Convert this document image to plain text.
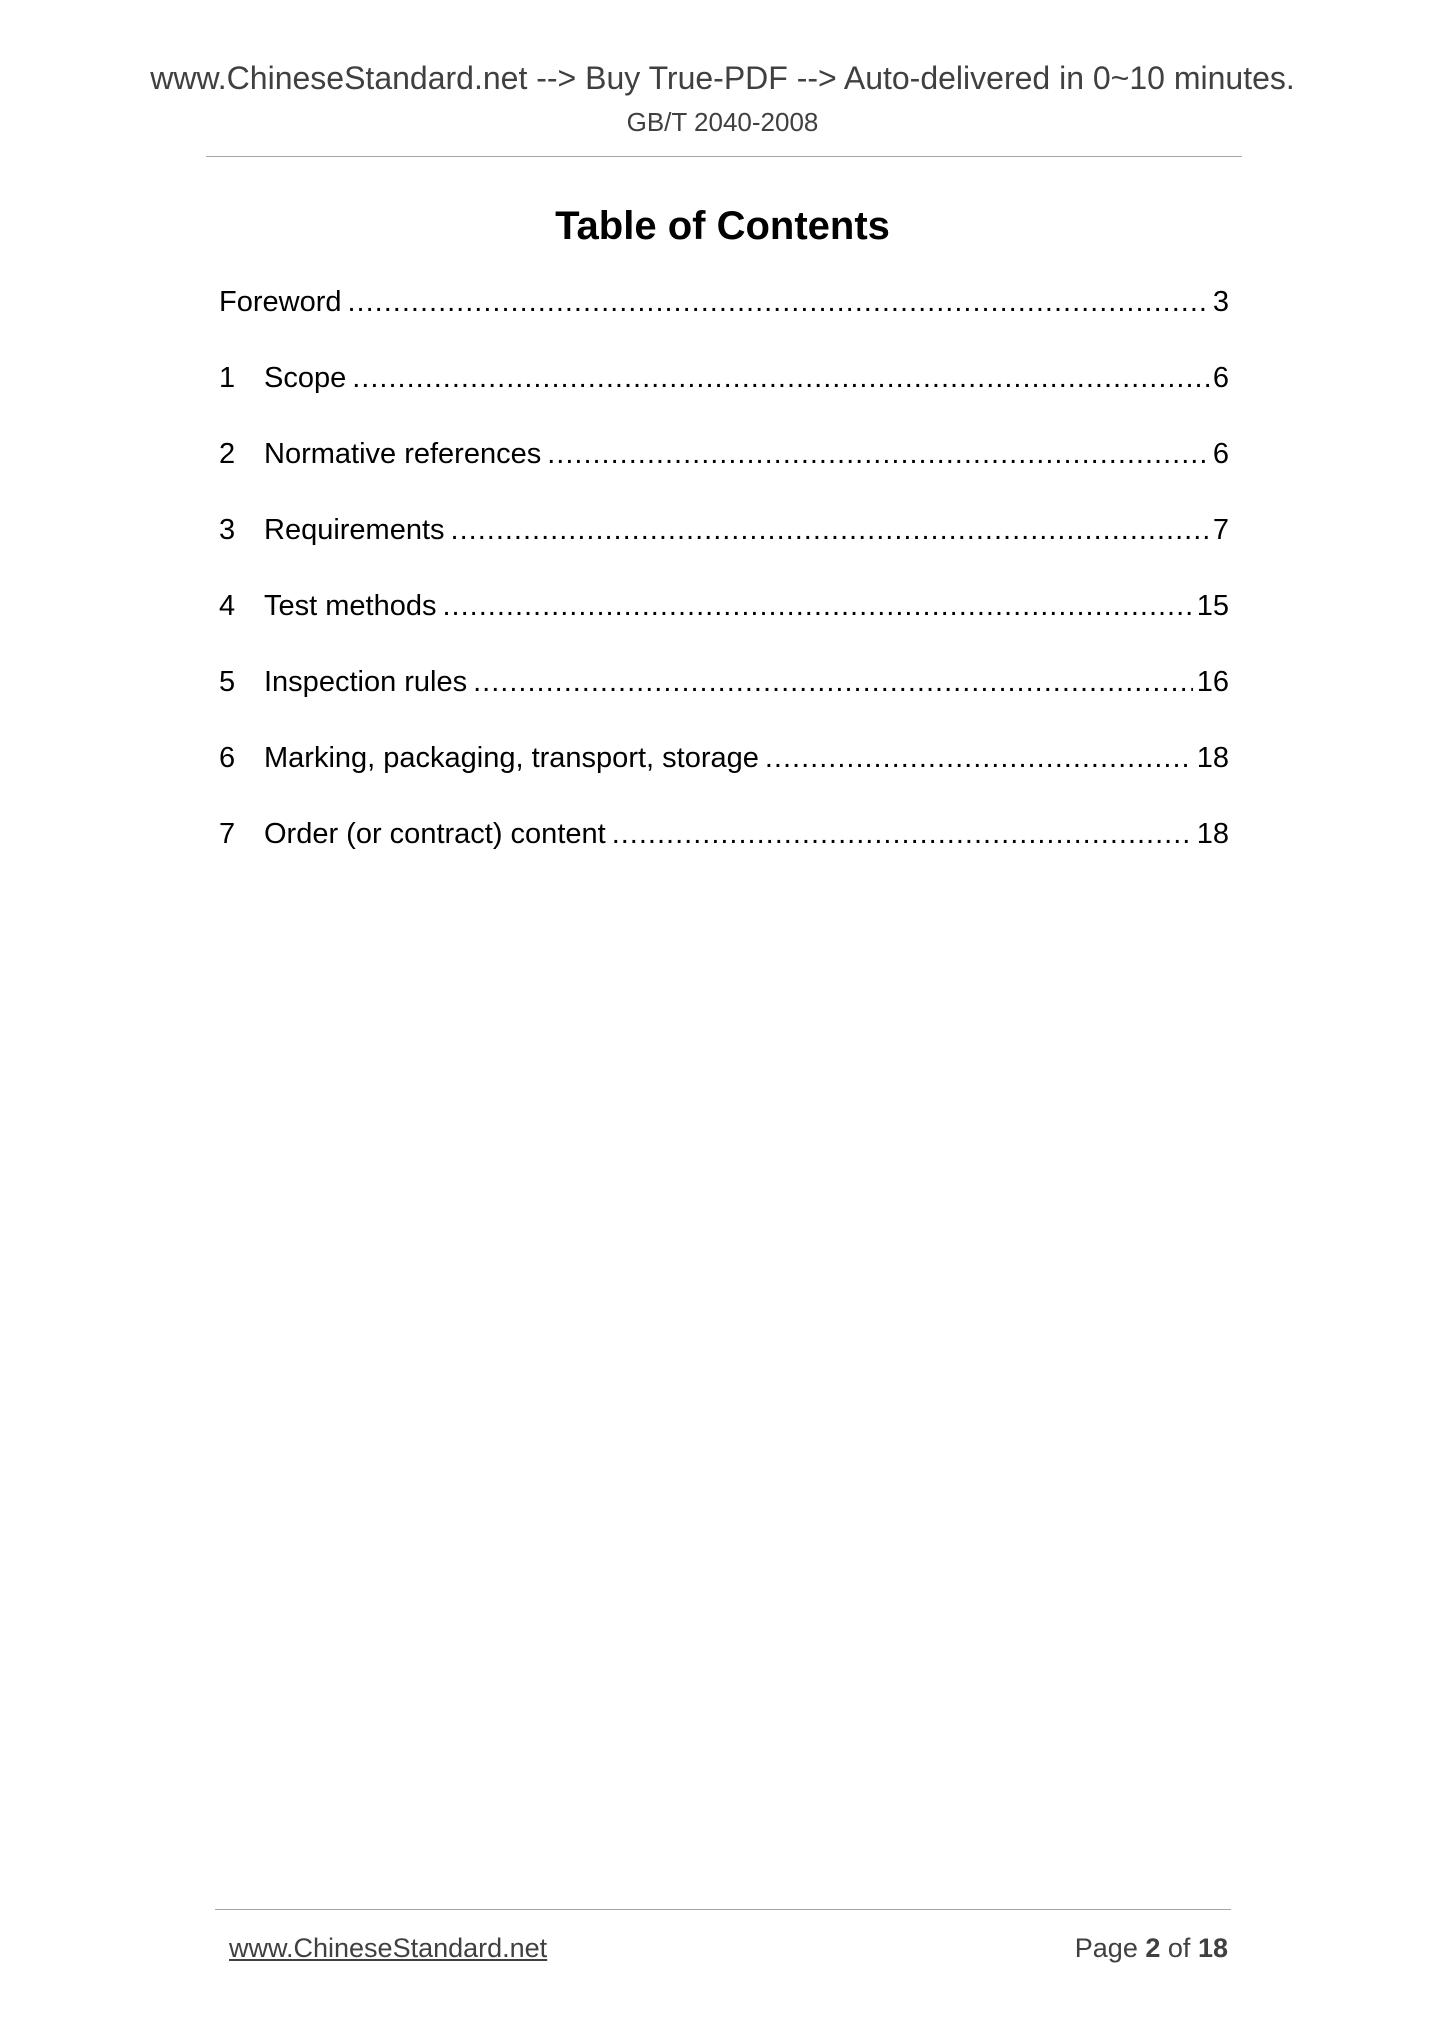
www.ChineseStandard.net --> Buy True-PDF --> Auto-delivered in 0~10 minutes.
GB/T 2040-2008
Table of Contents
Foreword .....	3
1 Scope .....	6
2 Normative references .....	6
3 Requirements .....	7
4 Test methods .....	15
5 Inspection rules .....	16
6 Marking, packaging, transport, storage .....	18
7 Order (or contract) content .....	18
www.ChineseStandard.net	Page 2 of 18
